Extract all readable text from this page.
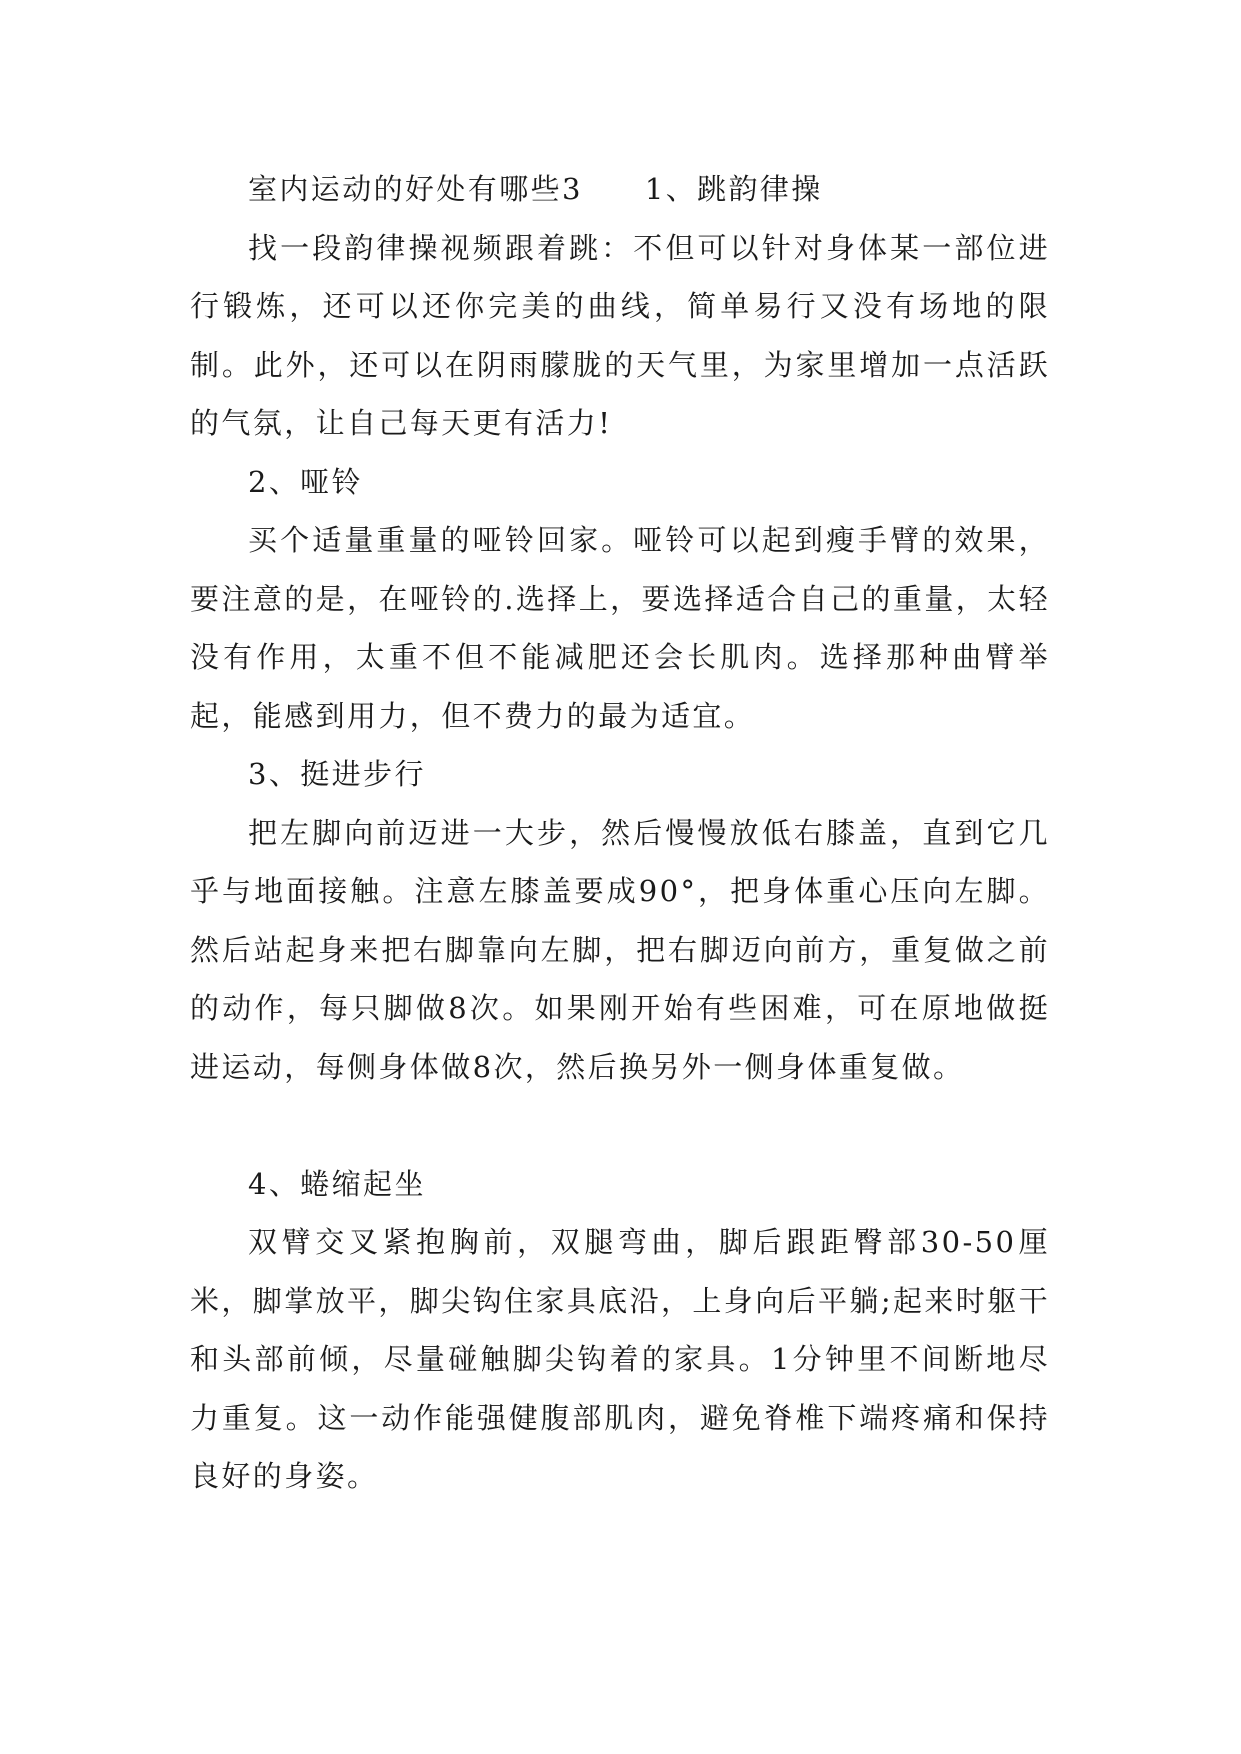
室内运动的好处有哪些3 1、跳韵律操

找一段韵律操视频跟着跳：不但可以针对身体某一部位进行锻炼，还可以还你完美的曲线，简单易行又没有场地的限制。此外，还可以在阴雨朦胧的天气里，为家里增加一点活跃的气氛，让自己每天更有活力!

2、哑铃

买个适量重量的哑铃回家。哑铃可以起到瘦手臂的效果，要注意的是，在哑铃的.选择上，要选择适合自己的重量，太轻没有作用，太重不但不能减肥还会长肌肉。选择那种曲臂举起，能感到用力，但不费力的最为适宜。

3、挺进步行

把左脚向前迈进一大步，然后慢慢放低右膝盖，直到它几乎与地面接触。注意左膝盖要成90°，把身体重心压向左脚。然后站起身来把右脚靠向左脚，把右脚迈向前方，重复做之前的动作，每只脚做8次。如果刚开始有些困难，可在原地做挺进运动，每侧身体做8次，然后换另外一侧身体重复做。

4、蜷缩起坐

双臂交叉紧抱胸前，双腿弯曲，脚后跟距臀部30-50厘米，脚掌放平，脚尖钩住家具底沿，上身向后平躺;起来时躯干和头部前倾，尽量碰触脚尖钩着的家具。1分钟里不间断地尽力重复。这一动作能强健腹部肌肉，避免脊椎下端疼痛和保持良好的身姿。
